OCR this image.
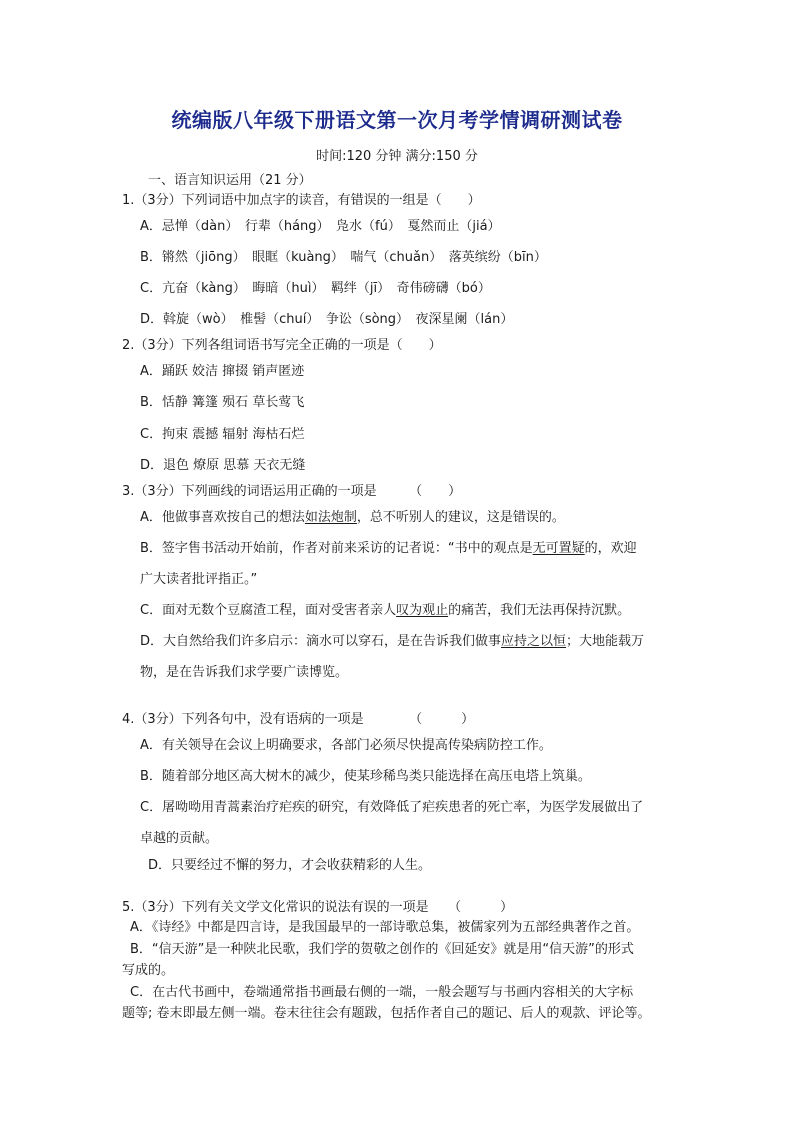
统编版八年级下册语文第一次月考学情调研测试卷
时间:120 分钟 满分:150 分
一、语言知识运用（21 分）
1.（3分）下列词语中加点字的读音，有错误的一组是（　　）
A．忌惮（dàn）　行辈（háng）　凫水（fú）　戛然而止（jiá）
B．锵然（jiōng）　眼眶（kuàng）　喘气（chuǎn）　落英缤纷（bīn）
C．亢奋（kàng）　晦暗（huì）　羁绊（jī）　奇伟磅礴（bó）
D．斡旋（wò）　椎髻（chuí）　争讼（sòng）　夜深星阑（lán）
2.（3分）下列各组词语书写完全正确的一项是（　　）
A．踊跃 姣洁 撺掇 销声匿迹
B．恬静 篝篷 殒石 草长莺飞
C．拘束 震撼 辐射 海枯石烂
D．退色 燎原 思慕 天衣无缝
3.（3分）下列画线的词语运用正确的一项是　　　（　　）
A．他做事喜欢按自己的想法如法炮制，总不听别人的建议，这是错误的。
B．签字售书活动开始前，作者对前来采访的记者说：“书中的观点是无可置疑的，欢迎
广大读者批评指正。”
C．面对无数个豆腐渣工程，面对受害者亲人叹为观止的痛苦，我们无法再保持沉默。
D．大自然给我们许多启示：滴水可以穿石，是在告诉我们做事应持之以恒；大地能载万
物，是在告诉我们求学要广读博览。
4.（3分）下列各句中，没有语病的一项是　　　　（　　　）
A．有关领导在会议上明确要求，各部门必须尽快提高传染病防控工作。
B．随着部分地区高大树木的减少，使某珍稀鸟类只能选择在高压电塔上筑巢。
C．屠呦呦用青蒿素治疗疟疾的研究，有效降低了疟疾患者的死亡率，为医学发展做出了
卓越的贡献。
D．只要经过不懈的努力，才会收获精彩的人生。
5.（3分）下列有关文学文化常识的说法有误的一项是　　（　　　）
A．《诗经》中都是四言诗，是我国最早的一部诗歌总集，被儒家列为五部经典著作之首。
B．“信天游”是一种陕北民歌，我们学的贺敬之创作的《回延安》就是用“信天游”的形式
写成的。
C．在古代书画中，卷端通常指书画最右侧的一端，一般会题写与书画内容相关的大字标
题等; 卷末即最左侧一端。卷末往往会有题跋，包括作者自己的题记、后人的观款、评论等。
